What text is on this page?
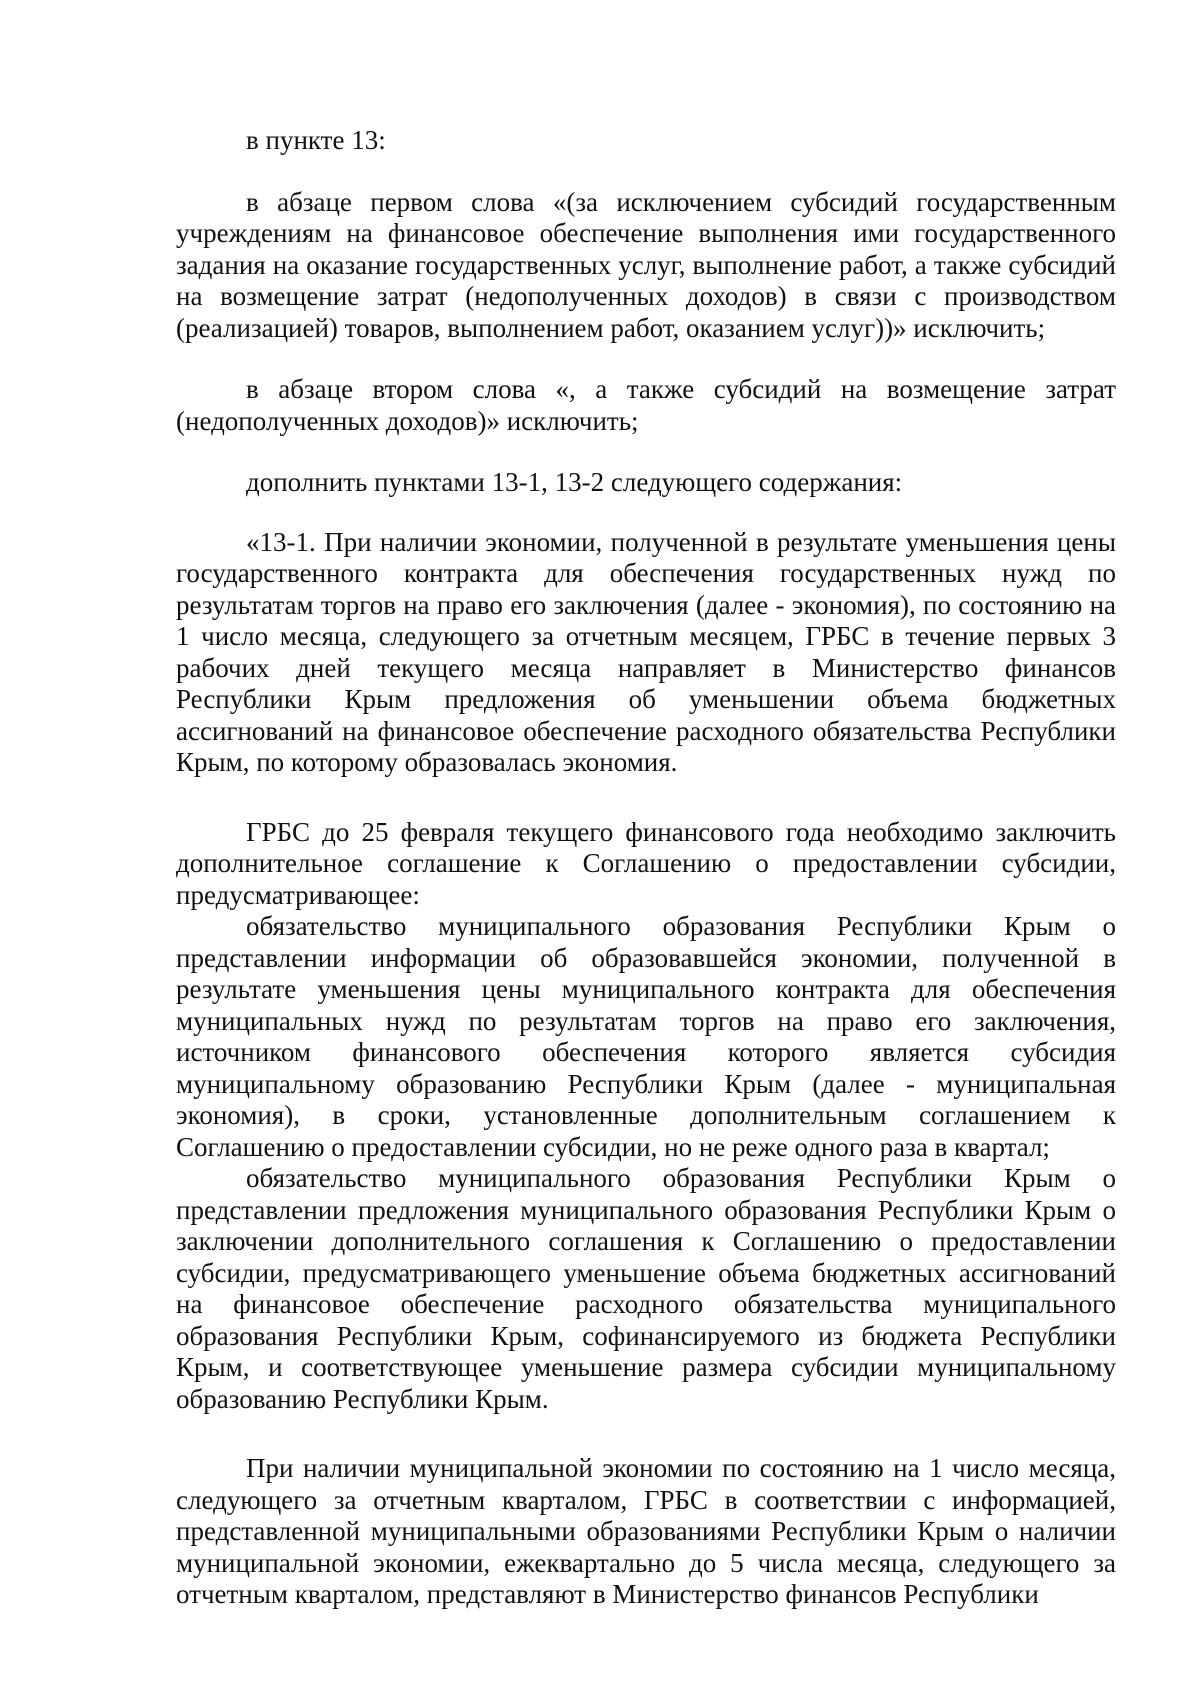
в пункте 13:

в абзаце первом слова «(за исключением субсидий государственным учреждениям на финансовое обеспечение выполнения ими государственного задания на оказание государственных услуг, выполнение работ, а также субсидий на возмещение затрат (недополученных доходов) в связи с производством (реализацией) товаров, выполнением работ, оказанием услуг))» исключить;

в абзаце втором слова «, а также субсидий на возмещение затрат (недополученных доходов)» исключить;

дополнить пунктами 13-1, 13-2 следующего содержания:

«13-1. При наличии экономии, полученной в результате уменьшения цены государственного контракта для обеспечения государственных нужд по результатам торгов на право его заключения (далее - экономия), по состоянию на 1 число месяца, следующего за отчетным месяцем, ГРБС в течение первых 3 рабочих дней текущего месяца направляет в Министерство финансов Республики Крым предложения об уменьшении объема бюджетных ассигнований на финансовое обеспечение расходного обязательства Республики Крым, по которому образовалась экономия.

ГРБС до 25 февраля текущего финансового года необходимо заключить дополнительное соглашение к Соглашению о предоставлении субсидии, предусматривающее:

обязательство муниципального образования Республики Крым о представлении информации об образовавшейся экономии, полученной в результате уменьшения цены муниципального контракта для обеспечения муниципальных нужд по результатам торгов на право его заключения, источником финансового обеспечения которого является субсидия муниципальному образованию Республики Крым (далее - муниципальная экономия), в сроки, установленные дополнительным соглашением к Соглашению о предоставлении субсидии, но не реже одного раза в квартал;

обязательство муниципального образования Республики Крым о представлении предложения муниципального образования Республики Крым о заключении дополнительного соглашения к Соглашению о предоставлении субсидии, предусматривающего уменьшение объема бюджетных ассигнований на финансовое обеспечение расходного обязательства муниципального образования Республики Крым, софинансируемого из бюджета Республики Крым, и соответствующее уменьшение размера субсидии муниципальному образованию Республики Крым.

При наличии муниципальной экономии по состоянию на 1 число месяца, следующего за отчетным кварталом, ГРБС в соответствии с информацией, представленной муниципальными образованиями Республики Крым о наличии муниципальной экономии, ежеквартально до 5 числа месяца, следующего за отчетным кварталом, представляют в Министерство финансов Республики
